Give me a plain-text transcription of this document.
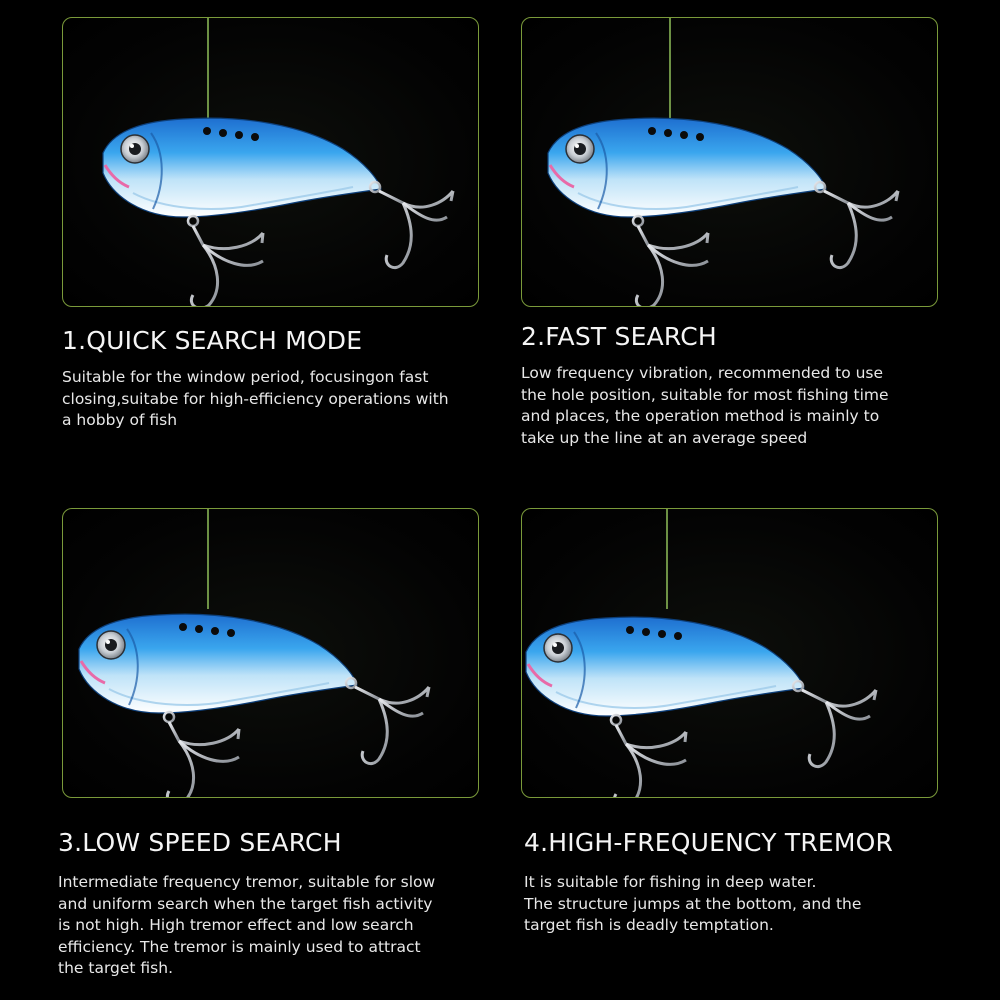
1.QUICK SEARCH MODE

Suitable for the window period, focusingon fast
closing,suitabe for high-efficiency operations with
a hobby of fish

2.FAST SEARCH

Low frequency vibration, recommended to use
the hole position, suitable for most fishing time
and places, the operation method is mainly to
take up the line at an average speed

3.LOW SPEED SEARCH

Intermediate frequency tremor, suitable for slow
and uniform search when the target fish activity
is not high. High tremor effect and low search
efficiency. The tremor is mainly used to attract
the target fish.

4.HIGH-FREQUENCY TREMOR

It is suitable for fishing in deep water.
The structure jumps at the bottom, and the
target fish is deadly temptation.
